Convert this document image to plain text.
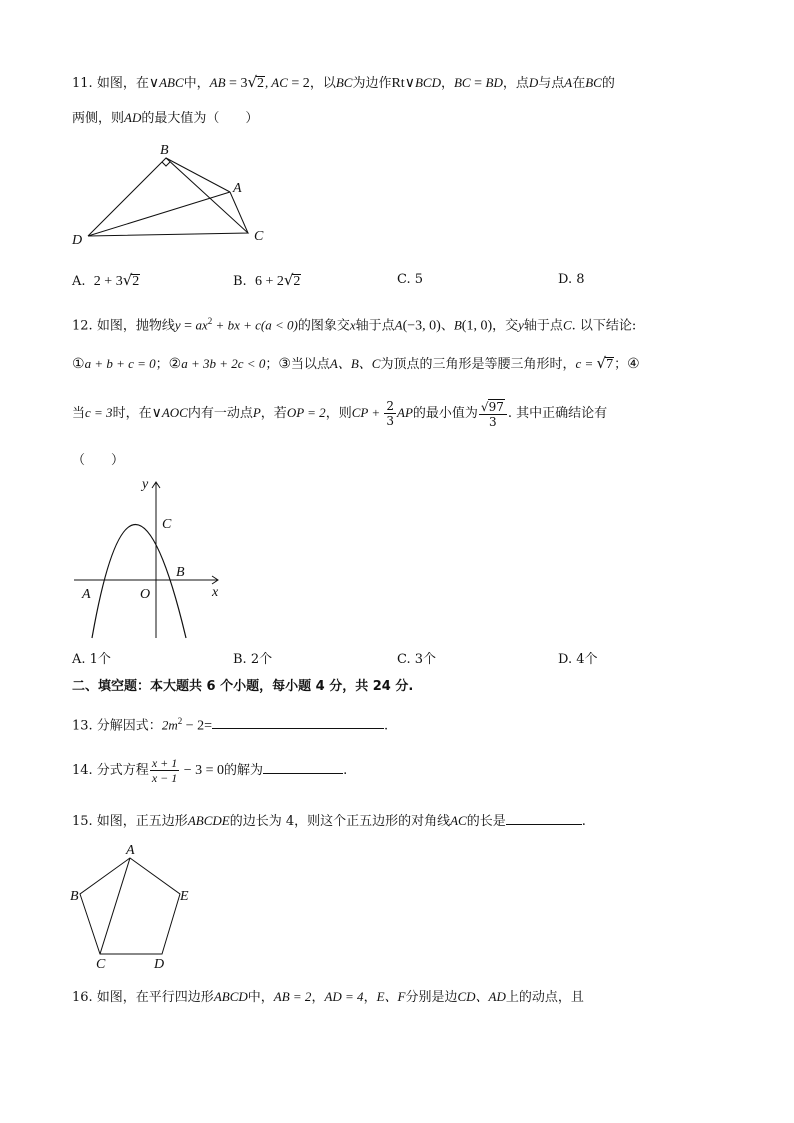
11. 如图，在∨ABC中，AB = 3√2, AC = 2，以BC为边作Rt∨BCD，BC = BD，点D与点A在BC的
两侧，则AD的最大值为（　　）
B
A
D	C
A. 2 + 3√2	B. 6 + 2√2	C. 5	D. 8
12. 如图，抛物线$y = ax^2$ + bx + c(a < 0)的图象交x轴于点A(−3, 0)、B(1, 0)，交y轴于点C. 以下结论:
①a + b + c = 0；②a + 3b + 2c < 0；③当以点A、B、C为顶点的三角形是等腰三角形时，c = √7；④
当c = 3时，在∨AOC内有一动点P，若OP = 2，则CP + $\frac{2}{3}$ AP的最小值为 $\frac{√97}{3}$ . 其中正确结论有
（　　）
y
x
C
B
A	O
A. 1个	B. 2个	C. 3个	D. 4个
二、填空题：本大题共 6 个小题，每小题 4 分，共 24 分.
13. 分解因式：$2m^2 - 2=$	.
14. 分式方程 $\frac{x + 1}{x - 1} - 3 = 0$的解为	.
15. 如图，正五边形ABCDE的边长为 4，则这个正五边形的对角线AC的长是	.
A
B	E
C	D
16. 如图，在平行四边形ABCD中，AB = 2，AD = 4，E、F分别是边CD、AD上的动点，且
